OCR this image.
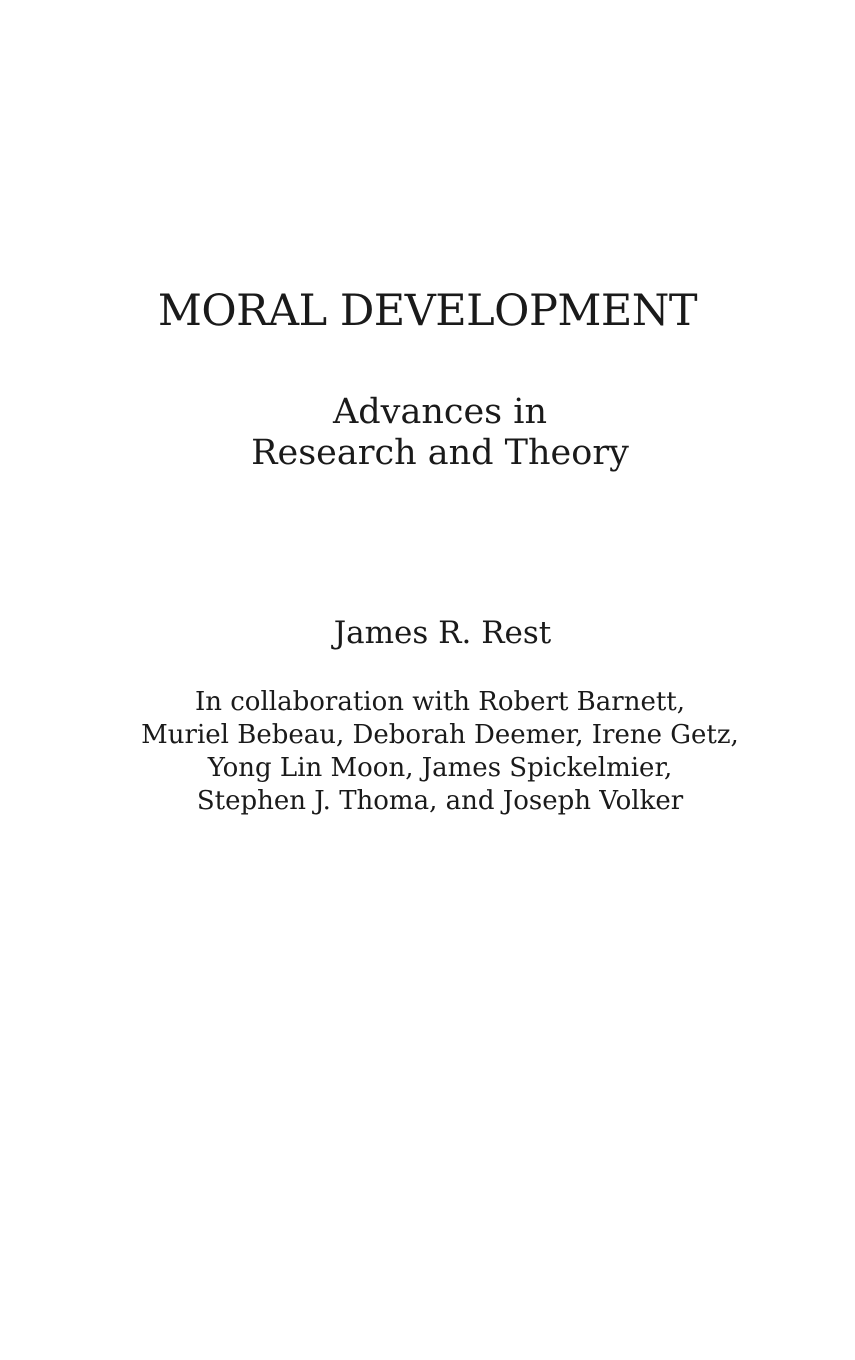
MORAL DEVELOPMENT
Advances in
Research and Theory
James R. Rest
In collaboration with Robert Barnett,
Muriel Bebeau, Deborah Deemer, Irene Getz,
Yong Lin Moon, James Spickelmier,
Stephen J. Thoma, and Joseph Volker
